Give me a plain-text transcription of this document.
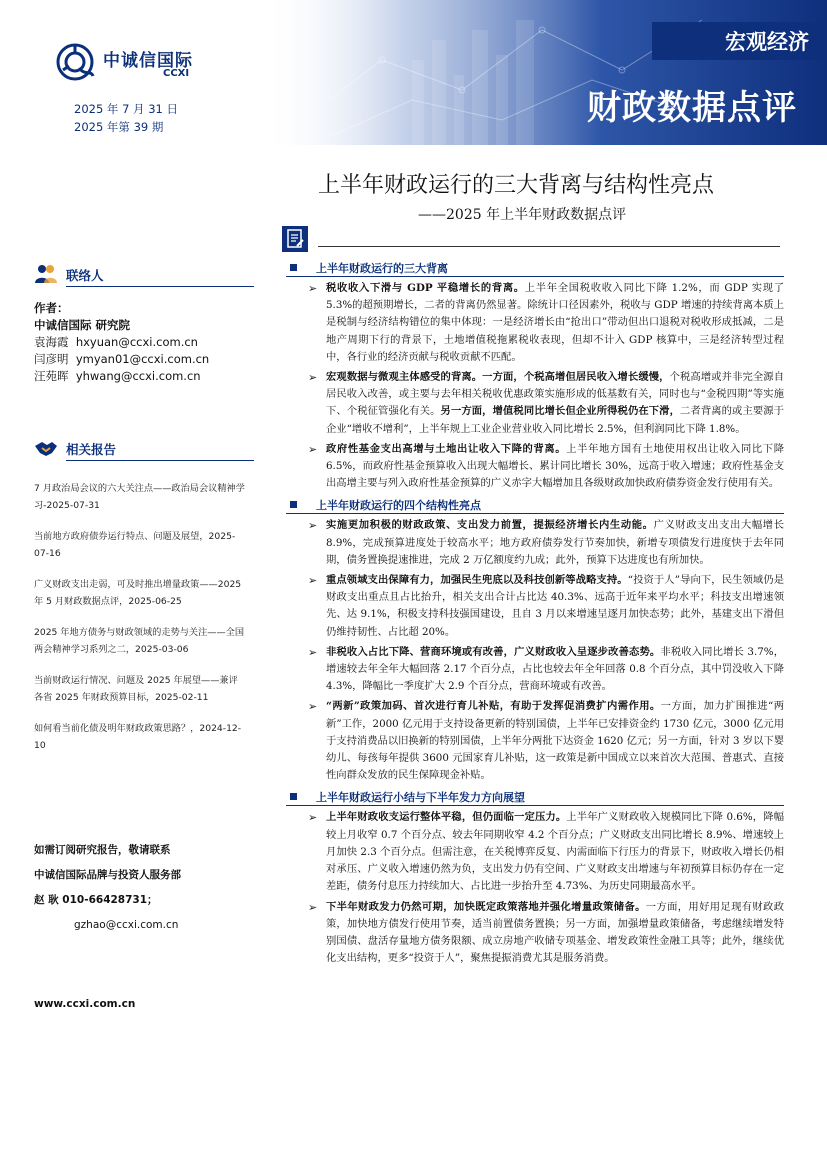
中诚信国际
CCXI
2025 年 7 月 31 日
2025 年第 39 期
宏观经济
财政数据点评
上半年财政运行的三大背离与结构性亮点
——2025 年上半年财政数据点评
联络人
作者：
中诚信国际 研究院
袁海霞 hxyuan@ccxi.com.cn
闫彦明 ymyan01@ccxi.com.cn
汪苑晖 yhwang@ccxi.com.cn
相关报告
7 月政治局会议的六大关注点——政治局会议精神学习-2025-07-31
当前地方政府债券运行特点、问题及展望，2025-07-16
广义财政支出走弱，可及时推出增量政策——2025 年 5 月财政数据点评，2025-06-25
2025 年地方债务与财政领域的走势与关注——全国两会精神学习系列之二，2025-03-06
当前财政运行情况、问题及 2025 年展望——兼评各省 2025 年财政预算目标，2025-02-11
如何看当前化债及明年财政政策思路？，2024-12-10
如需订阅研究报告，敬请联系
中诚信国际品牌与投资人服务部
赵 耿 010-66428731；
gzhao@ccxi.com.cn
www.ccxi.com.cn
上半年财政运行的三大背离
➢ 税收收入下滑与 GDP 平稳增长的背离。上半年全国税收收入同比下降 1.2%，而 GDP 实现了 5.3%的超预期增长，二者的背离仍然显著。除统计口径因素外，税收与 GDP 增速的持续背离本质上是税制与经济结构错位的集中体现：一是经济增长由“抢出口”带动但出口退税对税收形成抵减，二是地产周期下行的背景下，土地增值税拖累税收表现，但却不计入 GDP 核算中，三是经济转型过程中，各行业的经济贡献与税收贡献不匹配。
➢ 宏观数据与微观主体感受的背离。一方面，个税高增但居民收入增长缓慢，个税高增或并非完全源自居民收入改善，或主要与去年相关税收优惠政策实施形成的低基数有关，同时也与“金税四期”等实施下、个税征管强化有关。另一方面，增值税同比增长但企业所得税仍在下滑，二者背离的或主要源于企业“增收不增利”，上半年规上工业企业营业收入同比增长 2.5%，但利润同比下降 1.8%。
➢ 政府性基金支出高增与土地出让收入下降的背离。上半年地方国有土地使用权出让收入同比下降 6.5%，而政府性基金预算收入出现大幅增长、累计同比增长 30%，远高于收入增速；政府性基金支出高增主要与列入政府性基金预算的广义赤字大幅增加且各级财政加快政府债券资金发行使用有关。
上半年财政运行的四个结构性亮点
➢ 实施更加积极的财政政策、支出发力前置，提振经济增长内生动能。广义财政支出支出大幅增长 8.9%，完成预算进度处于较高水平；地方政府债券发行节奏加快，新增专项债发行进度快于去年同期，债务置换提速推进，完成 2 万亿额度约九成；此外，预算下达进度也有所加快。
➢ 重点领域支出保障有力，加强民生兜底以及科技创新等战略支持。“投资于人”导向下，民生领域仍是财政支出重点且占比抬升，相关支出合计占比达 40.3%、远高于近年来平均水平；科技支出增速领先、达 9.1%，积极支持科技强国建设，且自 3 月以来增速呈逐月加快态势；此外，基建支出下滑但仍维持韧性、占比超 20%。
➢ 非税收入占比下降、营商环境或有改善，广义财政收入呈逐步改善态势。非税收入同比增长 3.7%，增速较去年全年大幅回落 2.17 个百分点，占比也较去年全年回落 0.8 个百分点，其中罚没收入下降 4.3%，降幅比一季度扩大 2.9 个百分点，营商环境或有改善。
➢ “两新”政策加码、首次进行育儿补贴，有助于发挥促消费扩内需作用。一方面，加力扩围推进“两新”工作，2000 亿元用于支持设备更新的特别国债，上半年已安排资金约 1730 亿元，3000 亿元用于支持消费品以旧换新的特别国债，上半年分两批下达资金 1620 亿元；另一方面，针对 3 岁以下婴幼儿、每孩每年提供 3600 元国家育儿补贴，这一政策是新中国成立以来首次大范围、普惠式、直接性向群众发放的民生保障现金补贴。
上半年财政运行小结与下半年发力方向展望
➢ 上半年财政收支运行整体平稳，但仍面临一定压力。上半年广义财政收入规模同比下降 0.6%，降幅较上月收窄 0.7 个百分点、较去年同期收窄 4.2 个百分点；广义财政支出同比增长 8.9%、增速较上月加快 2.3 个百分点。但需注意，在关税博弈反复、内需面临下行压力的背景下，财政收入增长仍相对承压、广义收入增速仍然为负，支出发力仍有空间、广义财政支出增速与年初预算目标仍存在一定差距，债务付息压力持续加大、占比进一步抬升至 4.73%、为历史同期最高水平。
➢ 下半年财政发力仍然可期，加快既定政策落地并强化增量政策储备。一方面，用好用足现有财政政策，加快地方债发行使用节奏，适当前置债务置换；另一方面，加强增量政策储备，考虑继续增发特别国债、盘活存量地方债务限额、成立房地产收储专项基金、增发政策性金融工具等；此外，继续优化支出结构，更多“投资于人”，聚焦提振消费尤其是服务消费。
